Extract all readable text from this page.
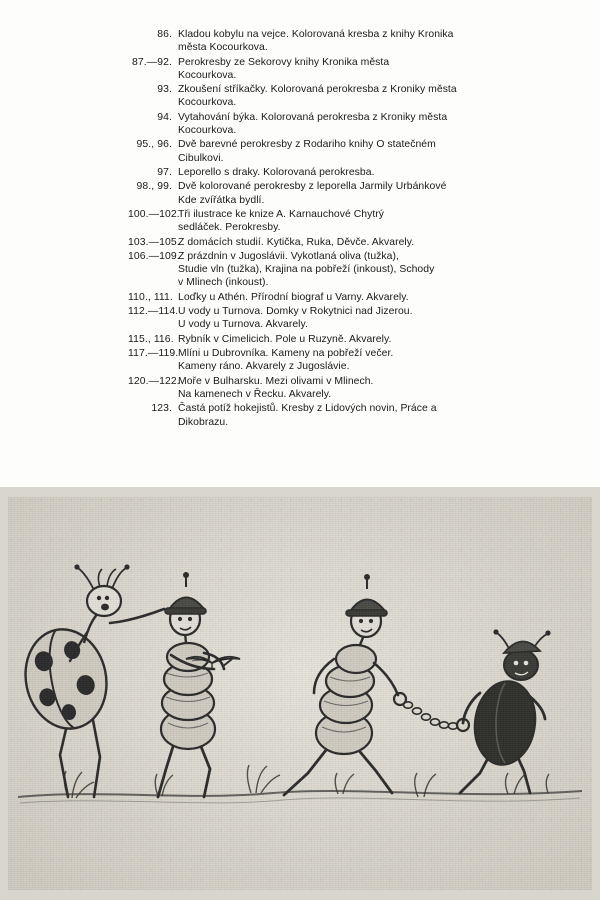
86. Kladou kobylu na vejce. Kolorovaná kresba z knihy Kronika
města Kocourkova.
87.—92. Perokresby ze Sekorovy knihy Kronika města
Kocourkova.
93. Zkoušení stříkačky. Kolorovaná perokresba z Kroniky města
Kocourkova.
94. Vytahování býka. Kolorovaná perokresba z Kroniky města
Kocourkova.
95., 96. Dvě barevné perokresby z Rodariho knihy O statečném
Cibulkovi.
97. Leporello s draky. Kolorovaná perokresba.
98., 99. Dvě kolorované perokresby z leporella Jarmily Urbánkové
Kde zvířátka bydlí.
100.—102.
Tři ilustrace ke knize A. Karnauchové Chytrý
sedláček. Perokresby.
103.—105.
Z domácích studií. Kytička, Ruka, Děvče. Akvarely.
106.—109.
Z prázdnin v Jugoslávii. Vykotlaná oliva (tužka),
Studie vln (tužka), Krajina na pobřeží (inkoust), Schody
v Mlinech (inkoust).
110., 111. Loďky u Athén. Přírodní biograf u Varny. Akvarely.
112.—114. U vody u Turnova. Domky v Rokytnici nad Jizerou.
U vody u Turnova. Akvarely.
115., 116. Rybník v Cimelicich. Pole u Ruzyně. Akvarely.
117.—119. Mlíni u Dubrovníka. Kameny na pobřeží večer.
Kameny ráno. Akvarely z Jugoslávie.
120.—122.
Moře v Bulharsku. Mezi olivami v Mlinech.
Na kamenech v Řecku. Akvarely.
123. Častá potíž hokejistů. Kresby z Lidových novin, Práce a
Dikobrazu.
